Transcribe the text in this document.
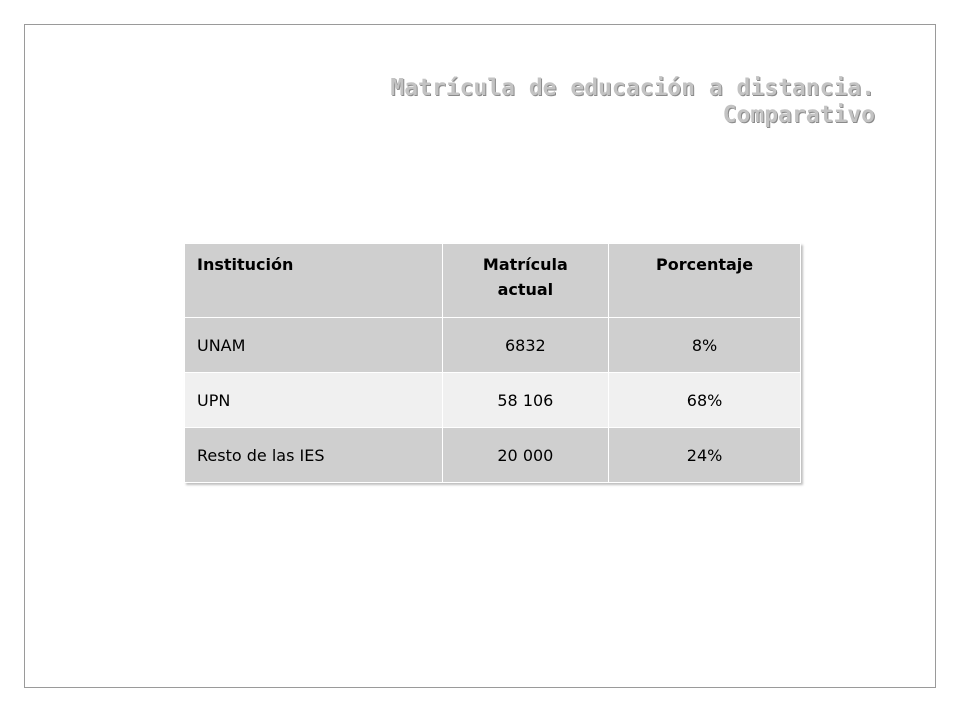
Matrícula de educación a distancia.
Comparativo
Institución	Matrícula actual	Porcentaje
UNAM	6832	8%
UPN	58 106	68%
Resto de las IES	20 000	24%
